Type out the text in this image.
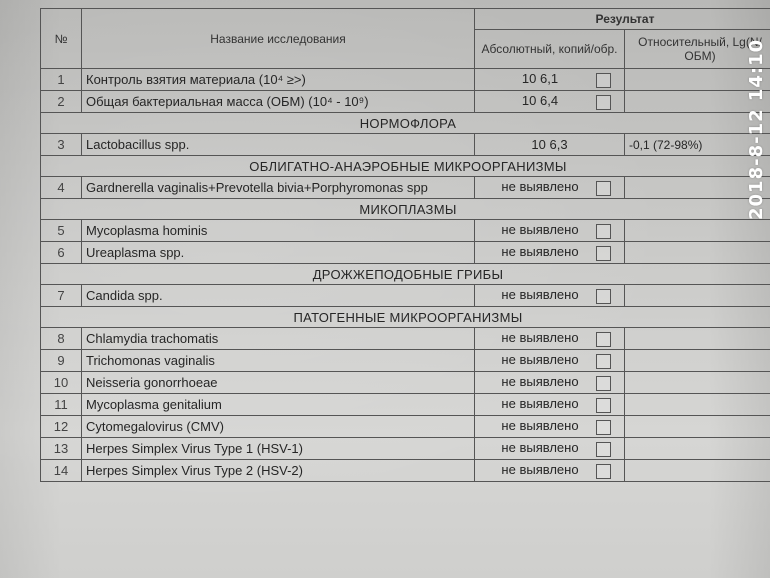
№	Название исследования	Результат	
		Абсолютный, копий/обр.	Относительный, Lg(N/ОБМ)
1	Контроль взятия материала (10⁴ ≥>)	10 6,1	
2	Общая бактериальная масса (ОБМ) (10⁴ - 10⁹)	10 6,4	
НОРМОФЛОРА			
3	Lactobacillus spp.	10 6,3	-0,1 (72-98%)
ОБЛИГАТНО-АНАЭРОБНЫЕ МИКРООРГАНИЗМЫ			
4	Gardnerella vaginalis+Prevotella bivia+Porphyromonas spp	не выявлено	
МИКОПЛАЗМЫ			
5	Mycoplasma hominis	не выявлено	
6	Ureaplasma spp.	не выявлено	
ДРОЖЖЕПОДОБНЫЕ ГРИБЫ			
7	Candida spp.	не выявлено	
ПАТОГЕННЫЕ МИКРООРГАНИЗМЫ			
8	Chlamydia trachomatis	не выявлено	
9	Trichomonas vaginalis	не выявлено	
10	Neisseria gonorrhoeae	не выявлено	
11	Mycoplasma genitalium	не выявлено	
12	Cytomegalovirus (CMV)	не выявлено	
13	Herpes Simplex Virus Type 1 (HSV-1)	не выявлено	
14	Herpes Simplex Virus Type 2 (HSV-2)	не выявлено	
2018-8-12 14:10
